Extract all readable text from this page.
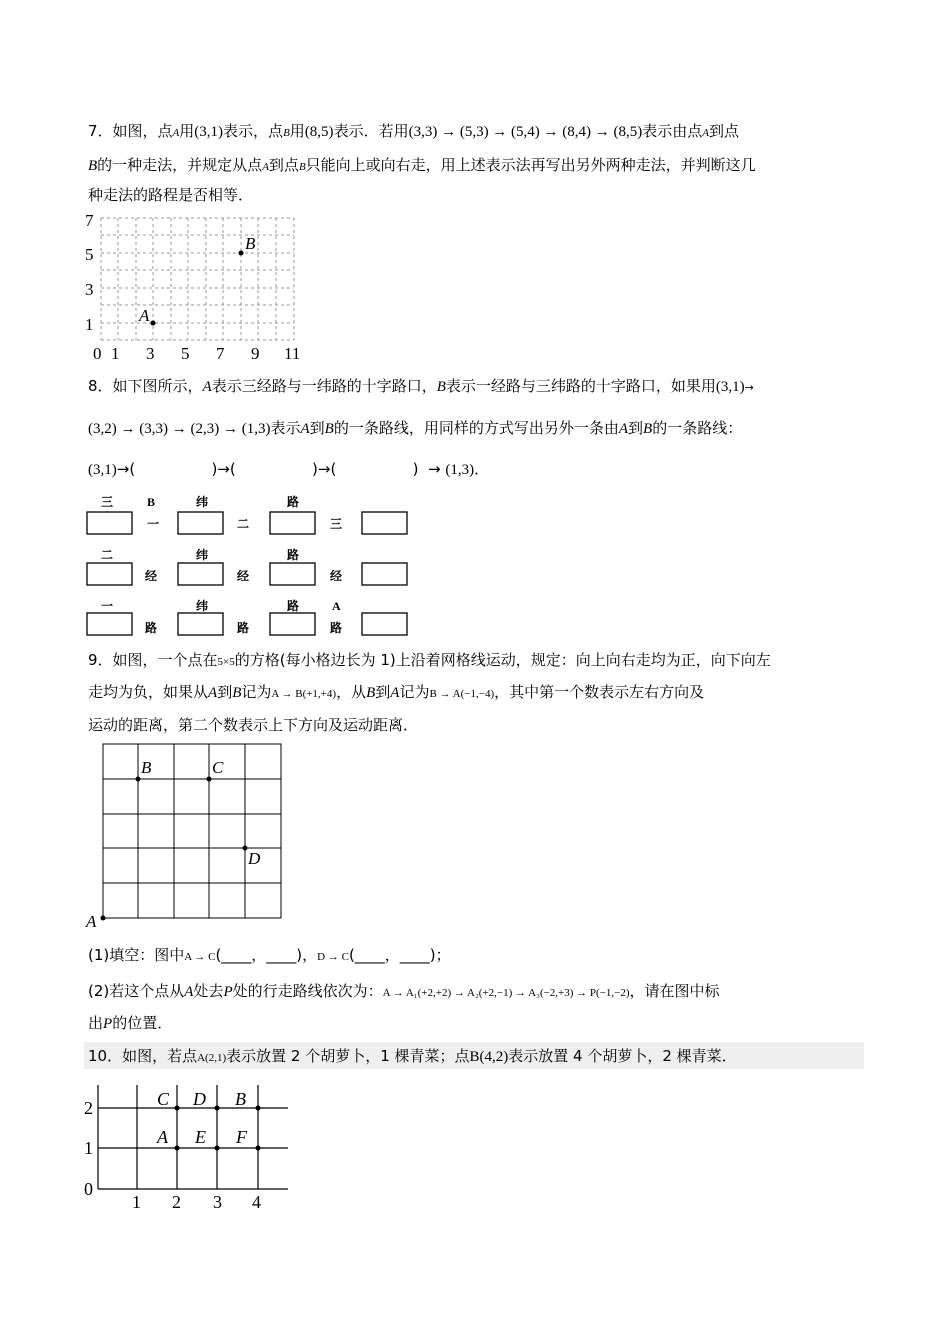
7．如图，点A用(3,1)表示，点B用(8,5)表示．若用(3,3) → (5,3) → (5,4) → (8,4) → (8,5)表示由点A到点
B的一种走法，并规定从点A到点B只能向上或向右走，用上述表示法再写出另外两种走法，并判断这几
种走法的路程是否相等．
7
5
3
1
0 1 3 5 7 9 11
A
B
8．如下图所示，A表示三经路与一纬路的十字路口，B表示一经路与三纬路的十字路口，如果用(3,1)→
(3,2) → (3,3) → (2,3) → (1,3)表示A到B的一条路线，用同样的方式写出另外一条由A到B的一条路线：
(3,1)→(                )→(                )→(                )  → (1,3)．
三	B	纬	路
一	二	三
二	纬	路
经	经	经
一	纬	路	A
路	路	路
9．如图，一个点在5×5的方格(每小格边长为 1)上沿着网格线运动，规定：向上向右走均为正，向下向左
走均为负，如果从A到B记为A → B(+1,+4)，从B到A记为B → A(−1,−4)，其中第一个数表示左右方向及
运动的距离，第二个数表示上下方向及运动距离．
A
B	C
D
(1)填空：图中A → C(____，____)，D → C(____，____)；
(2)若这个点从A处去P处的行走路线依次为：A → A₁(+2,+2) → A₂(+2,−1) → A₃(−2,+3) → P(−1,−2)，请在图中标
出P的位置．
10．如图，若点A(2,1)表示放置 2 个胡萝卜，1 棵青菜；点B(4,2)表示放置 4 个胡萝卜，2 棵青菜．
2
1
0
1 2 3 4
C D B
A E F
